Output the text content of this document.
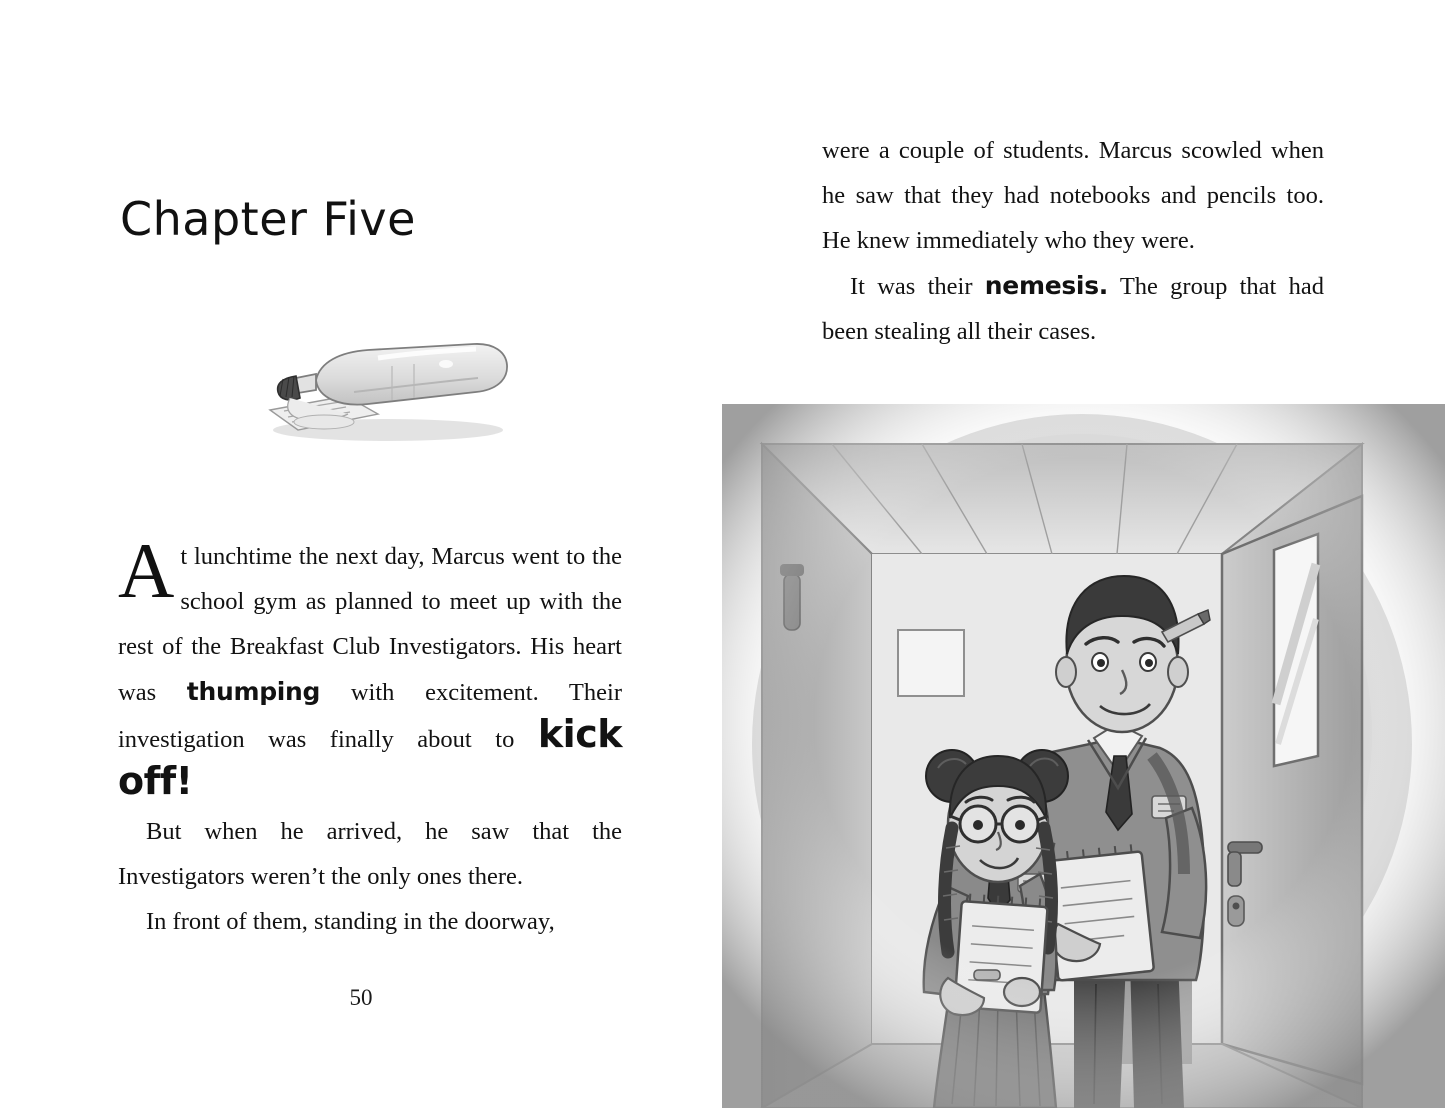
Chapter Five

At lunchtime the next day, Marcus went to the school gym as planned to meet up with the rest of the Breakfast Club Investigators. His heart was thumping with excitement. Their investigation was finally about to kick off!

But when he arrived, he saw that the Investigators weren’t the only ones there.

In front of them, standing in the doorway,

50

were a couple of students. Marcus scowled when he saw that they had notebooks and pencils too. He knew immediately who they were.

It was their nemesis. The group that had been stealing all their cases.
